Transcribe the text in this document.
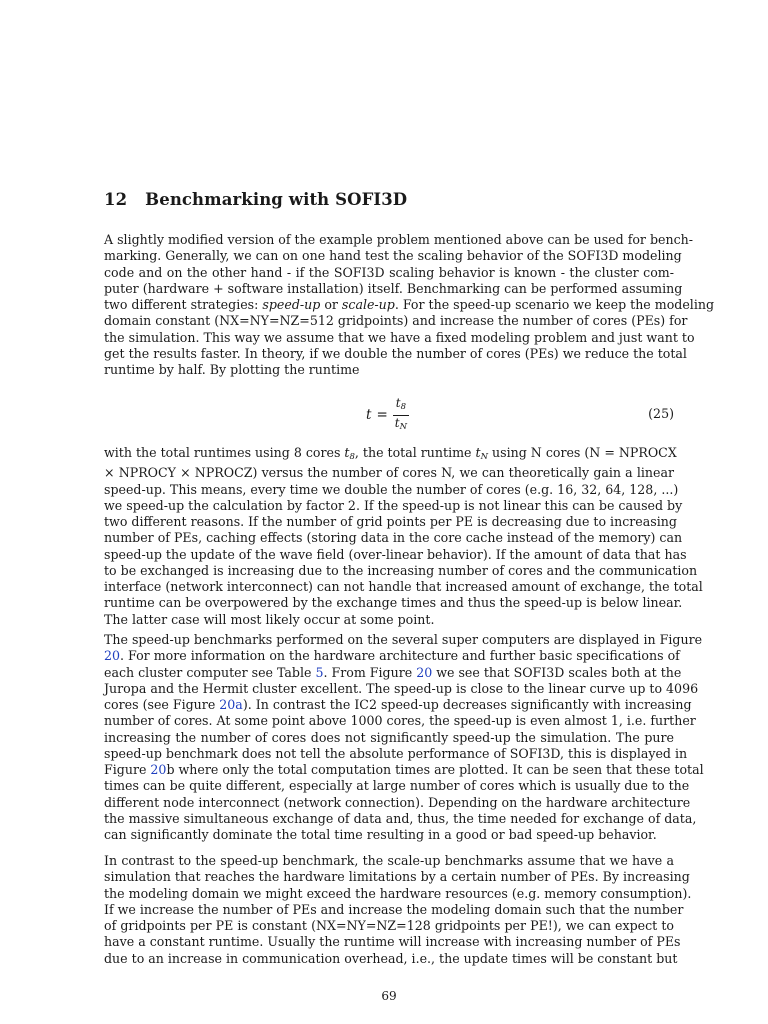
12 Benchmarking with SOFI3D
A slightly modified version of the example problem mentioned above can be used for bench-
marking. Generally, we can on one hand test the scaling behavior of the SOFI3D modeling
code and on the other hand - if the SOFI3D scaling behavior is known - the cluster com-
puter (hardware + software installation) itself. Benchmarking can be performed assuming
two different strategies: speed-up or scale-up. For the speed-up scenario we keep the modeling
domain constant (NX=NY=NZ=512 gridpoints) and increase the number of cores (PEs) for
the simulation. This way we assume that we have a fixed modeling problem and just want to
get the results faster. In theory, if we double the number of cores (PEs) we reduce the total
runtime by half. By plotting the runtime
$t = \frac{t_8}{t_N}$	(25)
with the total runtimes using 8 cores $t_8$, the total runtime $t_N$ using N cores (N = NPROCX
× NPROCY × NPROCZ) versus the number of cores N, we can theoretically gain a linear
speed-up. This means, every time we double the number of cores (e.g. 16, 32, 64, 128, ...)
we speed-up the calculation by factor 2. If the speed-up is not linear this can be caused by
two different reasons. If the number of grid points per PE is decreasing due to increasing
number of PEs, caching effects (storing data in the core cache instead of the memory) can
speed-up the update of the wave field (over-linear behavior). If the amount of data that has
to be exchanged is increasing due to the increasing number of cores and the communication
interface (network interconnect) can not handle that increased amount of exchange, the total
runtime can be overpowered by the exchange times and thus the speed-up is below linear.
The latter case will most likely occur at some point.
The speed-up benchmarks performed on the several super computers are displayed in Figure
20. For more information on the hardware architecture and further basic specifications of
each cluster computer see Table 5. From Figure 20 we see that SOFI3D scales both at the
Juropa and the Hermit cluster excellent. The speed-up is close to the linear curve up to 4096
cores (see Figure 20a). In contrast the IC2 speed-up decreases significantly with increasing
number of cores. At some point above 1000 cores, the speed-up is even almost 1, i.e. further
increasing the number of cores does not significantly speed-up the simulation. The pure
speed-up benchmark does not tell the absolute performance of SOFI3D, this is displayed in
Figure 20b where only the total computation times are plotted. It can be seen that these total
times can be quite different, especially at large number of cores which is usually due to the
different node interconnect (network connection). Depending on the hardware architecture
the massive simultaneous exchange of data and, thus, the time needed for exchange of data,
can significantly dominate the total time resulting in a good or bad speed-up behavior.
In contrast to the speed-up benchmark, the scale-up benchmarks assume that we have a
simulation that reaches the hardware limitations by a certain number of PEs. By increasing
the modeling domain we might exceed the hardware resources (e.g. memory consumption).
If we increase the number of PEs and increase the modeling domain such that the number
of gridpoints per PE is constant (NX=NY=NZ=128 gridpoints per PE!), we can expect to
have a constant runtime. Usually the runtime will increase with increasing number of PEs
due to an increase in communication overhead, i.e., the update times will be constant but
69
